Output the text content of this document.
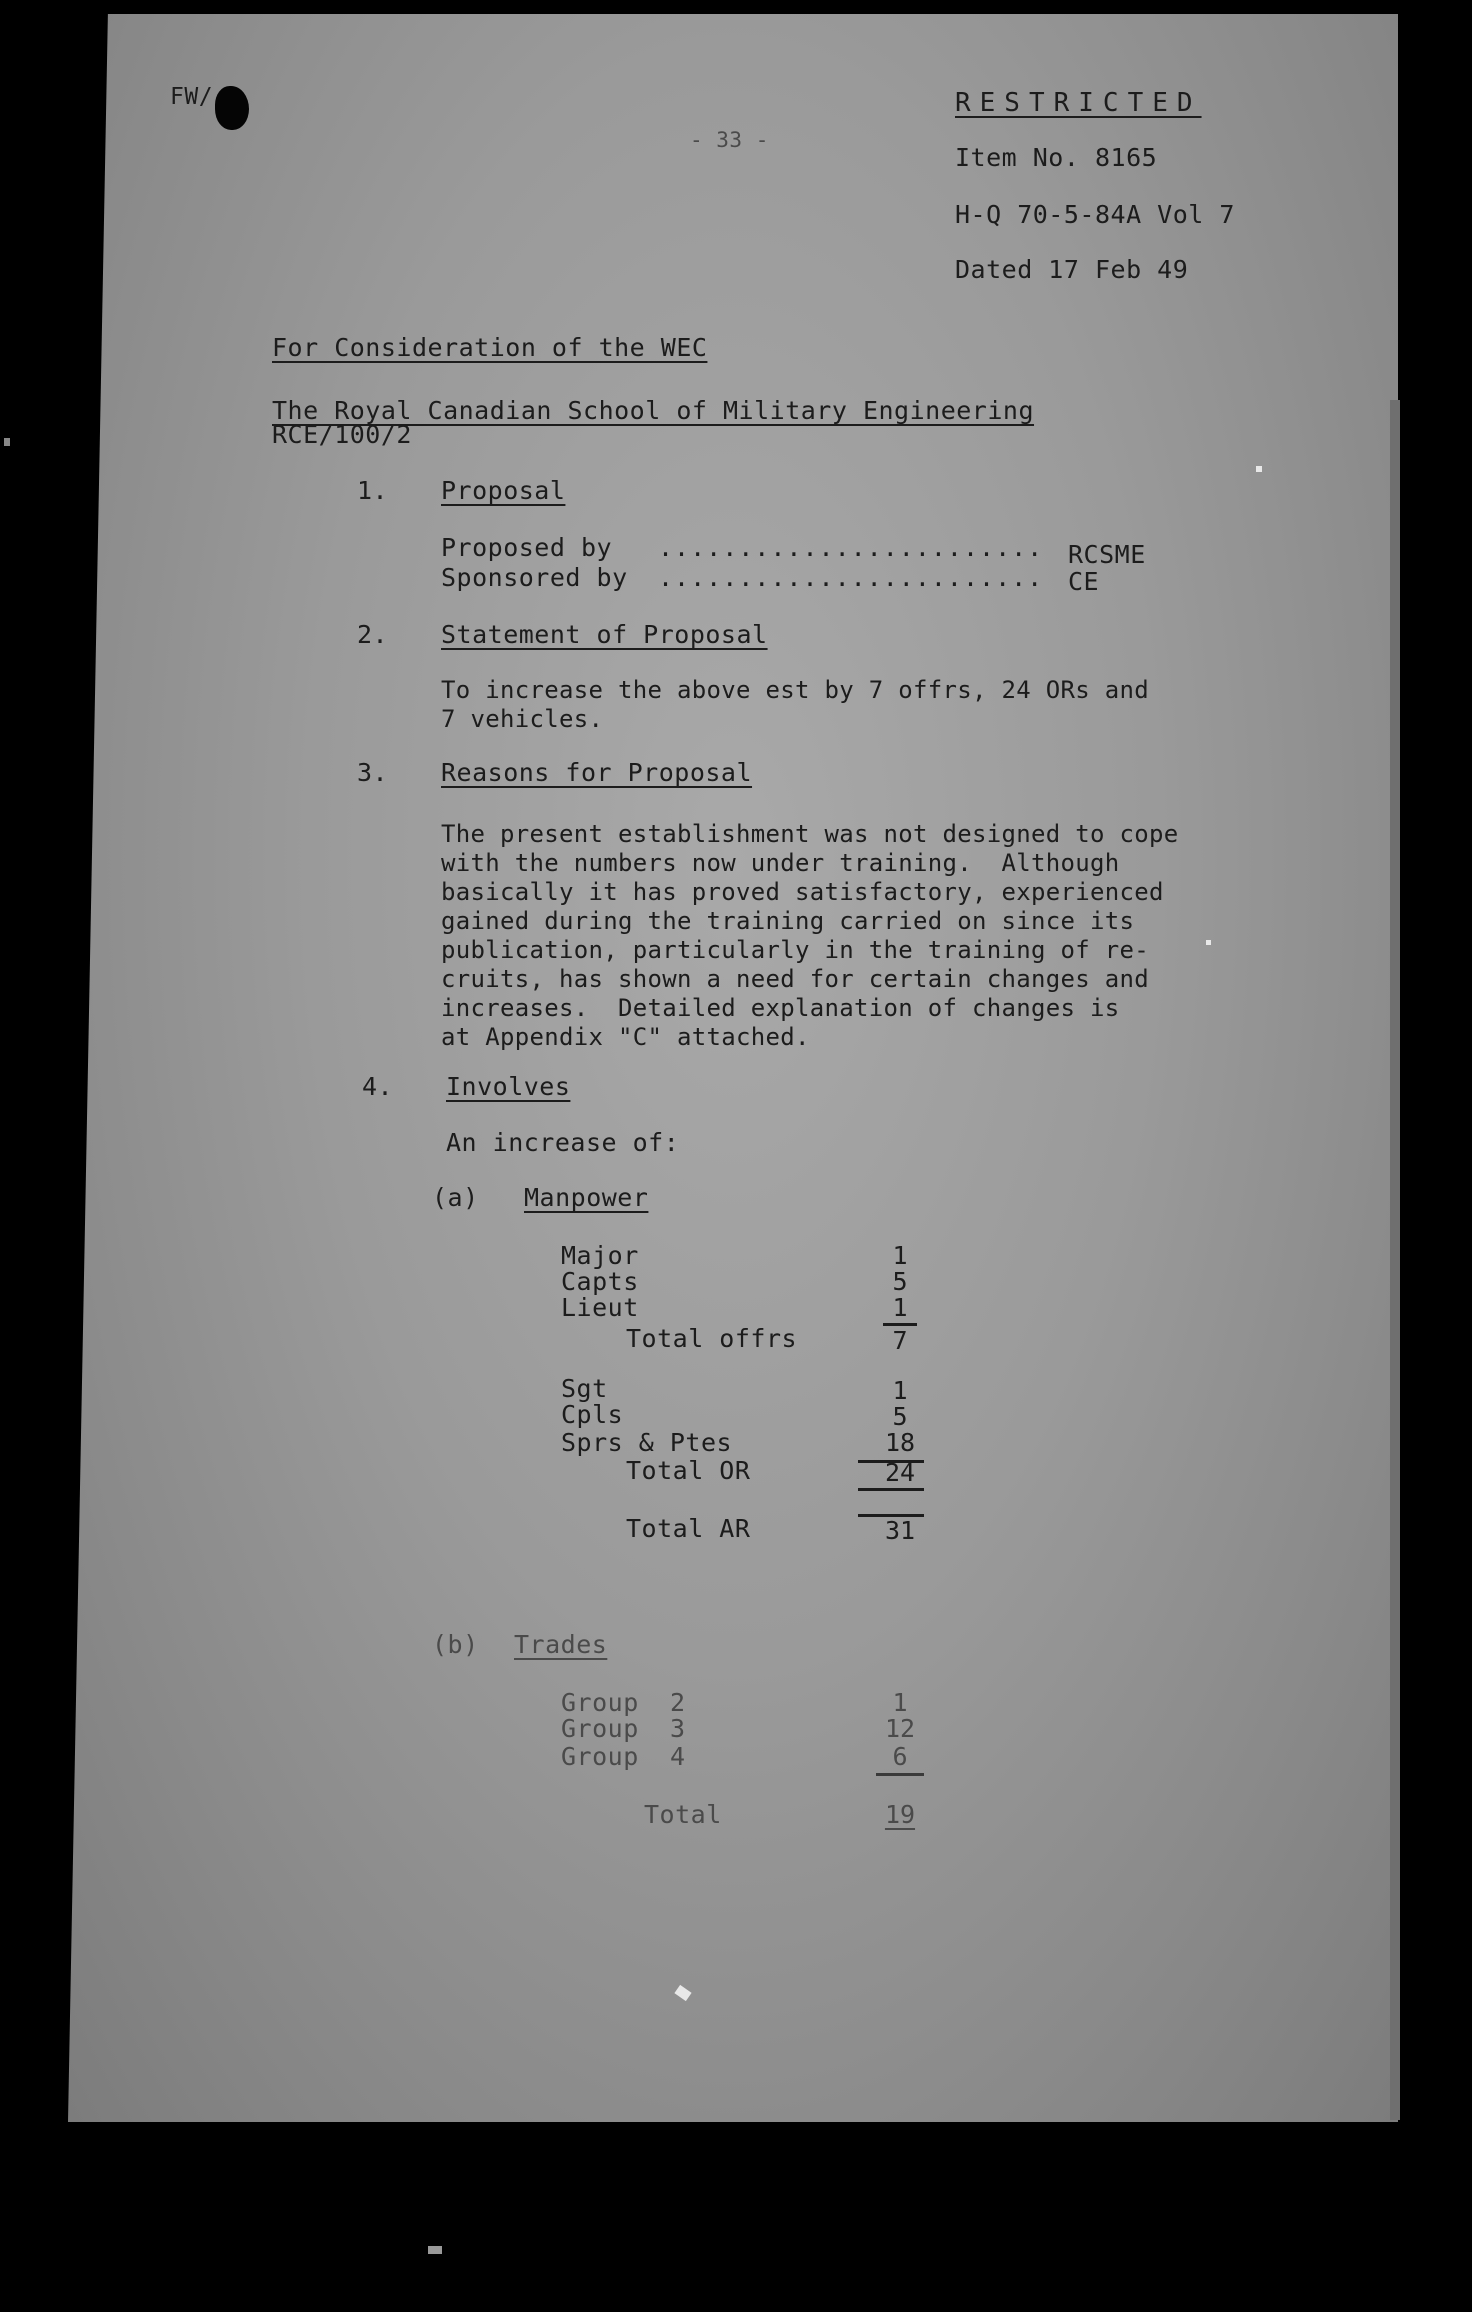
FW/
- 33 -
RESTRICTED
Item No. 8165
H-Q 70-5-84A Vol 7
Dated 17 Feb 49
For Consideration of the WEC
The Royal Canadian School of Military Engineering
RCE/100/2
1. Proposal
Proposed by ........................ RCSME
Sponsored by ........................ CE
2. Statement of Proposal
To increase the above est by 7 offrs, 24 ORs and
7 vehicles.
3. Reasons for Proposal
The present establishment was not designed to cope
with the numbers now under training.  Although
basically it has proved satisfactory, experienced
gained during the training carried on since its
publication, particularly in the training of re-
cruits, has shown a need for certain changes and
increases.  Detailed explanation of changes is
at Appendix "C" attached.
4. Involves
An increase of:
(a) Manpower
Major	1
Capts	5
Lieut	1
Total offrs	7
Sgt	1
Cpls	5
Sprs & Ptes	18
Total OR	24
Total AR	31
(b) Trades
Group 2	1
Group 3	12
Group 4	6
Total	19
